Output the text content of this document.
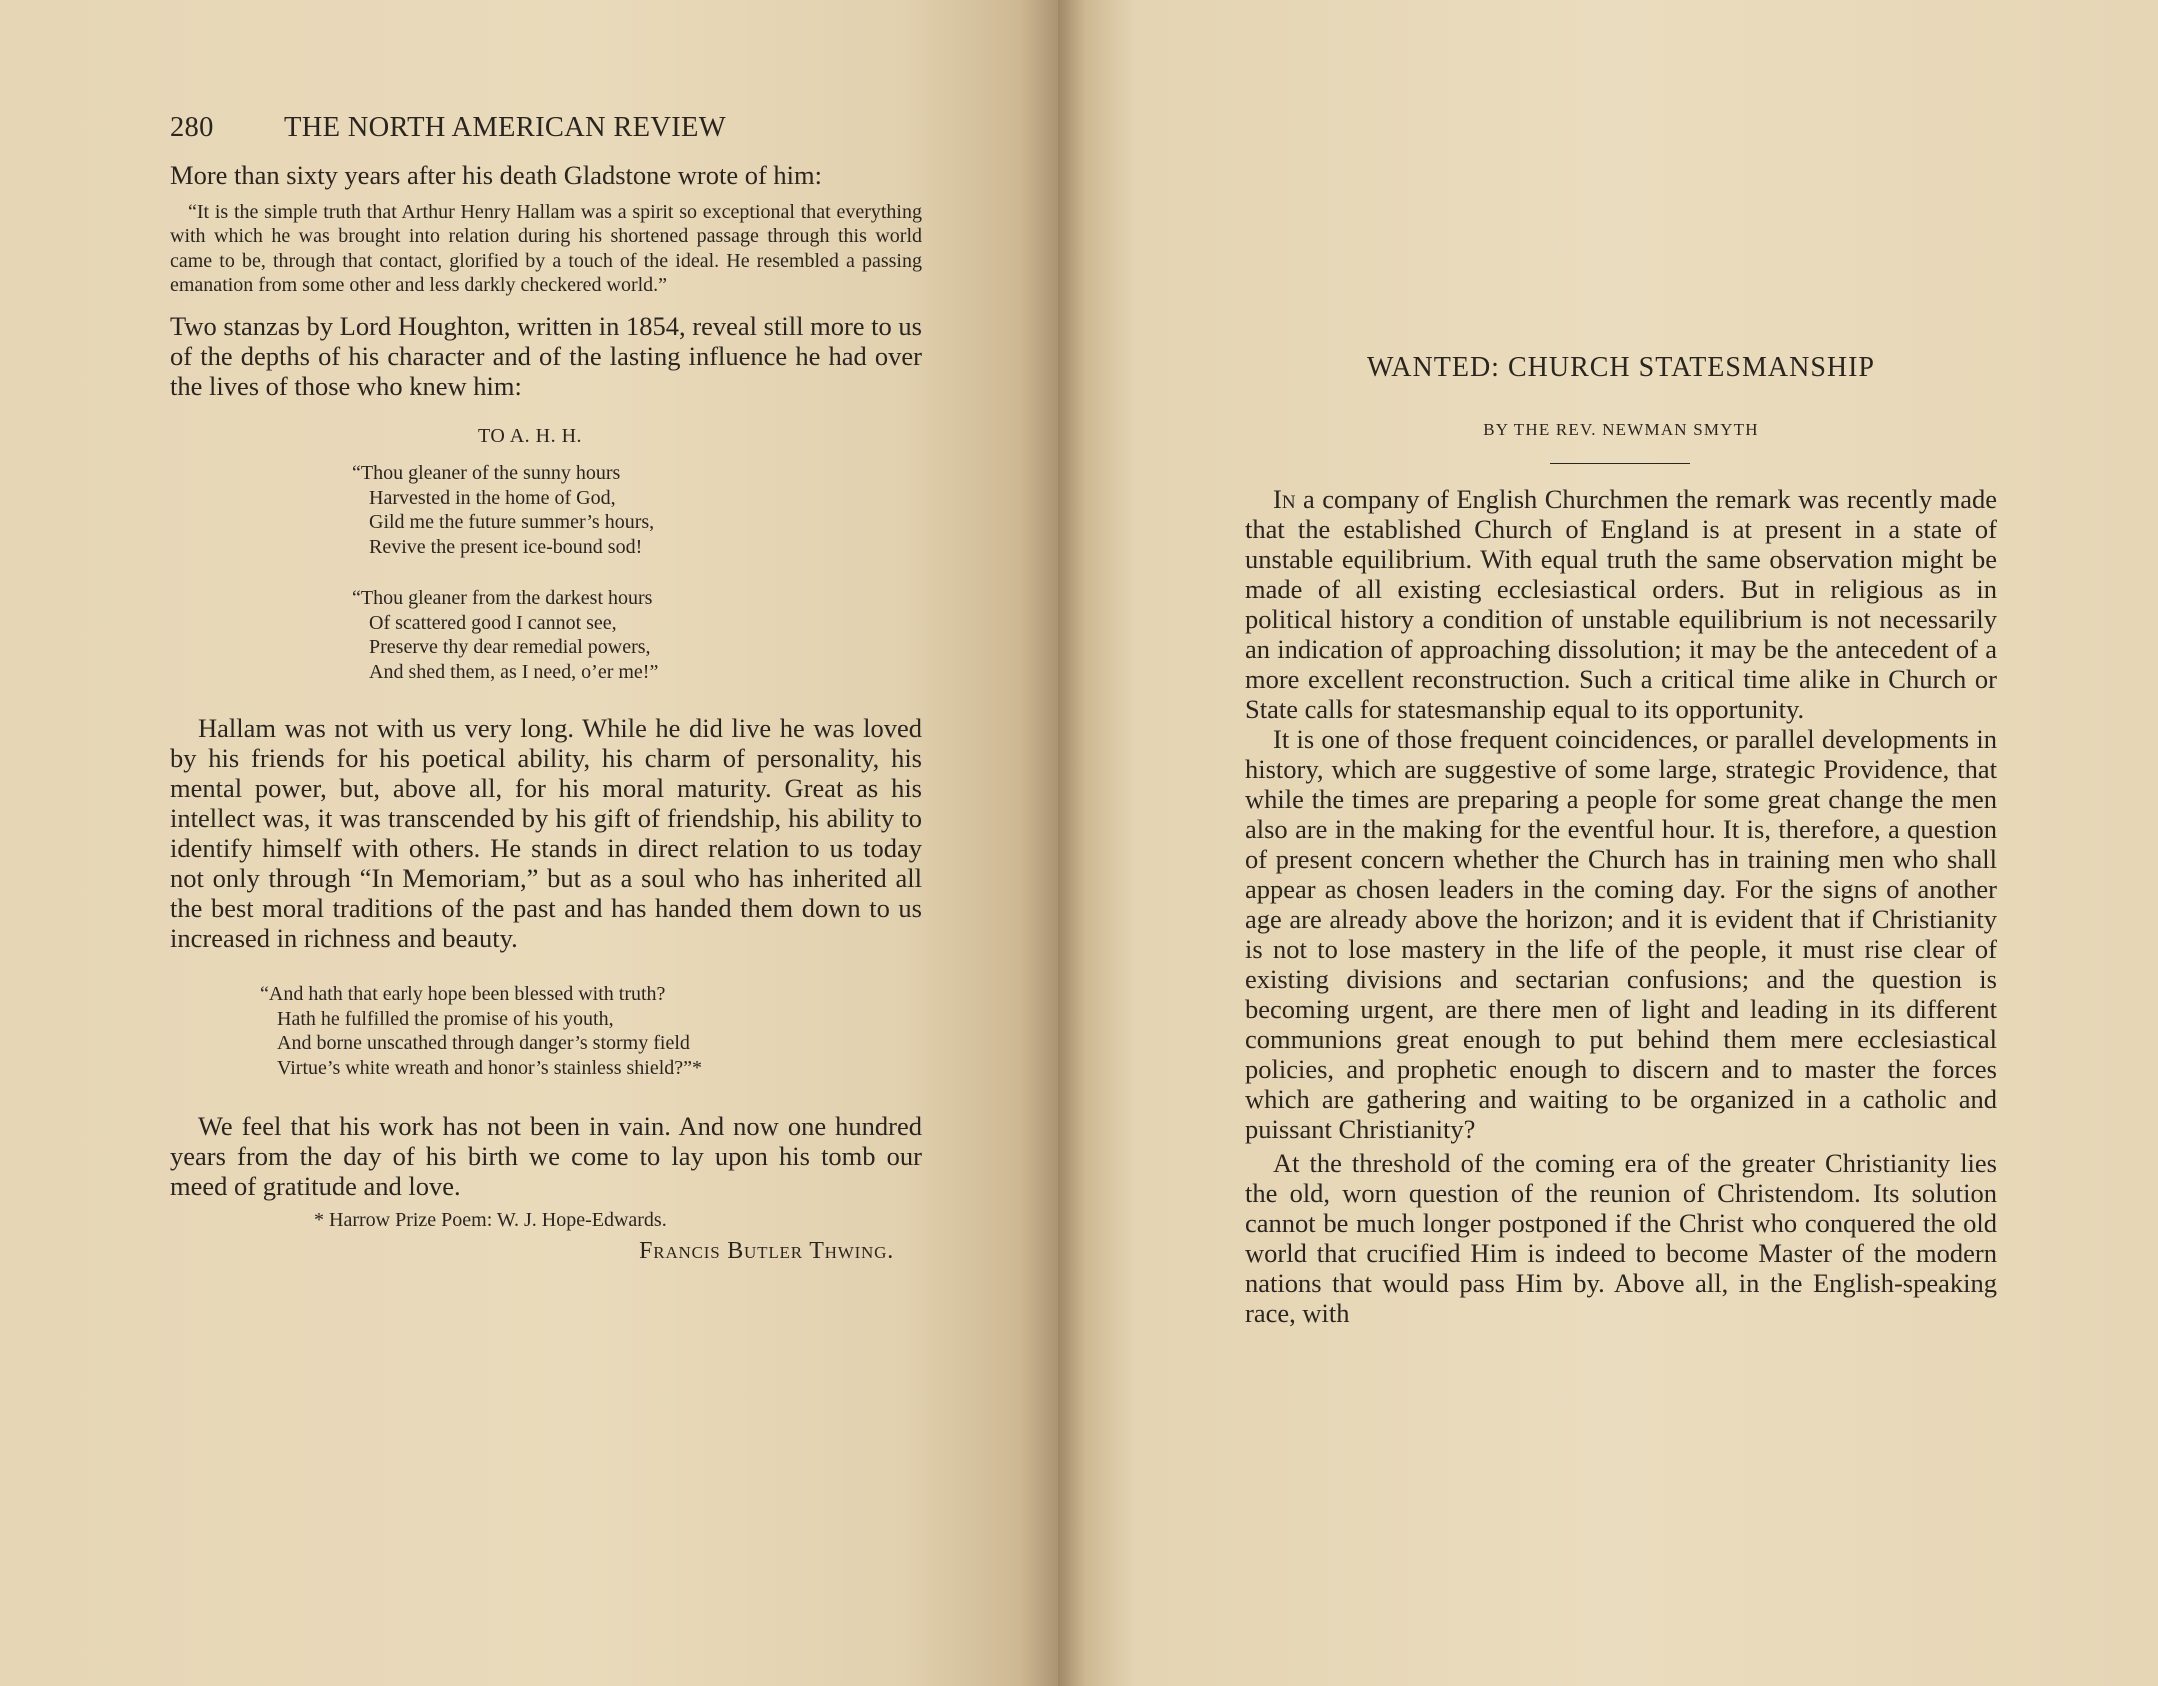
280 THE NORTH AMERICAN REVIEW

More than sixty years after his death Gladstone wrote of him:

“It is the simple truth that Arthur Henry Hallam was a spirit so exceptional that everything with which he was brought into relation during his shortened passage through this world came to be, through that contact, glorified by a touch of the ideal. He resembled a passing emanation from some other and less darkly checkered world.”

Two stanzas by Lord Houghton, written in 1854, reveal still more to us of the depths of his character and of the lasting influence he had over the lives of those who knew him:

TO A. H. H.
“Thou gleaner of the sunny hours
Harvested in the home of God,
Gild me the future summer’s hours,
Revive the present ice-bound sod!
“Thou gleaner from the darkest hours
Of scattered good I cannot see,
Preserve thy dear remedial powers,
And shed them, as I need, o’er me!”

Hallam was not with us very long. While he did live he was loved by his friends for his poetical ability, his charm of personality, his mental power, but, above all, for his moral maturity. Great as his intellect was, it was transcended by his gift of friendship, his ability to identify himself with others. He stands in direct relation to us today not only through “In Memoriam,” but as a soul who has inherited all the best moral traditions of the past and has handed them down to us increased in richness and beauty.

“And hath that early hope been blessed with truth?
Hath he fulfilled the promise of his youth,
And borne unscathed through danger’s stormy field
Virtue’s white wreath and honor’s stainless shield?”*

We feel that his work has not been in vain. And now one hundred years from the day of his birth we come to lay upon his tomb our meed of gratitude and love.

* Harrow Prize Poem: W. J. Hope-Edwards.
Francis Butler Thwing.
WANTED: CHURCH STATESMANSHIP
BY THE REV. NEWMAN SMYTH

In a company of English Churchmen the remark was recently made that the established Church of England is at present in a state of unstable equilibrium. With equal truth the same observation might be made of all existing ecclesiastical orders. But in religious as in political history a condition of unstable equilibrium is not necessarily an indication of approaching dissolution; it may be the antecedent of a more excellent reconstruction. Such a critical time alike in Church or State calls for statesmanship equal to its opportunity.

It is one of those frequent coincidences, or parallel developments in history, which are suggestive of some large, strategic Providence, that while the times are preparing a people for some great change the men also are in the making for the eventful hour. It is, therefore, a question of present concern whether the Church has in training men who shall appear as chosen leaders in the coming day. For the signs of another age are already above the horizon; and it is evident that if Christianity is not to lose mastery in the life of the people, it must rise clear of existing divisions and sectarian confusions; and the question is becoming urgent, are there men of light and leading in its different communions great enough to put behind them mere ecclesiastical policies, and prophetic enough to discern and to master the forces which are gathering and waiting to be organized in a catholic and puissant Christianity?

At the threshold of the coming era of the greater Christianity lies the old, worn question of the reunion of Christendom. Its solution cannot be much longer postponed if the Christ who conquered the old world that crucified Him is indeed to become Master of the modern nations that would pass Him by. Above all, in the English-speaking race, with
